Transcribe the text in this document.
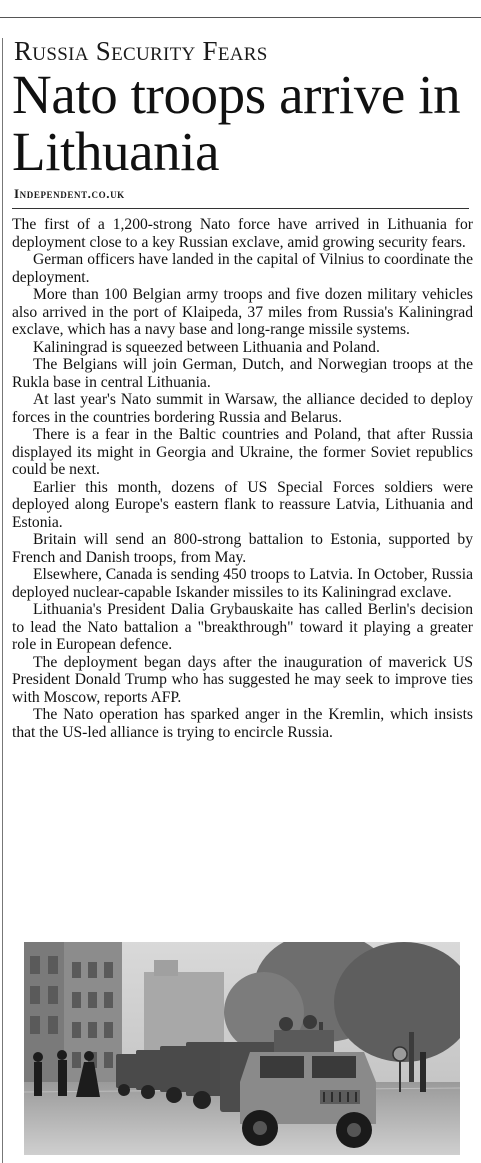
Russia Security Fears
Nato troops arrive in Lithuania
Independent.co.uk

The first of a 1,200-strong Nato force have arrived in Lithuania for deployment close to a key Russian exclave, amid growing security fears.

German officers have landed in the capital of Vilnius to coordinate the deployment.

More than 100 Belgian army troops and five dozen military vehicles also arrived in the port of Klaipeda, 37 miles from Russia's Kaliningrad exclave, which has a navy base and long-range missile systems.

Kaliningrad is squeezed between Lithuania and Poland.

The Belgians will join German, Dutch, and Norwegian troops at the Rukla base in central Lithuania.

At last year's Nato summit in Warsaw, the alliance decided to deploy forces in the countries bordering Russia and Belarus.

There is a fear in the Baltic countries and Poland, that after Russia displayed its might in Georgia and Ukraine, the former Soviet republics could be next.

Earlier this month, dozens of US Special Forces soldiers were deployed along Europe's eastern flank to reassure Latvia, Lithuania and Estonia.

Britain will send an 800-strong battalion to Estonia, supported by French and Danish troops, from May.

Elsewhere, Canada is sending 450 troops to Latvia. In October, Russia deployed nuclear-capable Iskander missiles to its Kaliningrad exclave.

Lithuania's President Dalia Grybauskaite has called Berlin's decision to lead the Nato battalion a "breakthrough" toward it playing a greater role in European defence.

The deployment began days after the inauguration of maverick US President Donald Trump who has suggested he may seek to improve ties with Moscow, reports AFP.

The Nato operation has sparked anger in the Kremlin, which insists that the US-led alliance is trying to encircle Russia.
